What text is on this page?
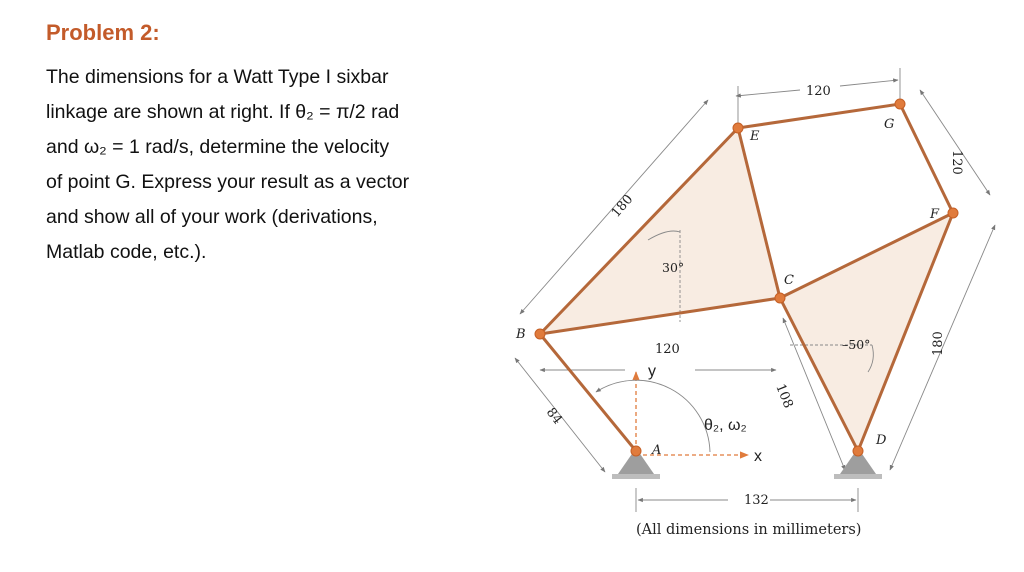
Problem 2:
The dimensions for a Watt Type I sixbar
linkage are shown at right. If θ₂ = π/2 rad
and ω₂ = 1 rad/s, determine the velocity
of point G. Express your result as a vector
and show all of your work (derivations,
Matlab code, etc.).
A
B
C
D
E
F
G
120
120
180
180
132
120
108
84
30°
–50°
y
x
θ₂, ω₂
(All dimensions in millimeters)
